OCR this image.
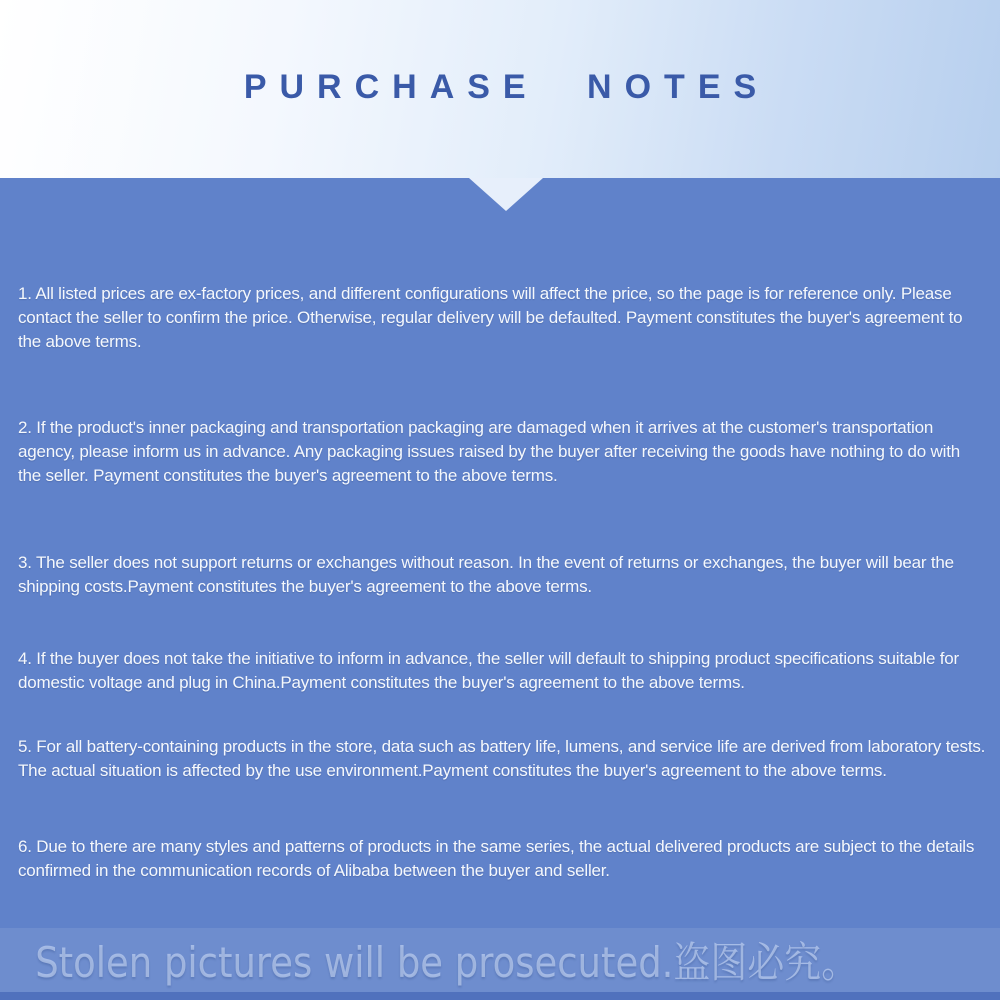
PURCHASE NOTES

1. All listed prices are ex-factory prices, and different configurations will affect the price, so the page is for reference only. Please contact the seller to confirm the price. Otherwise, regular delivery will be defaulted. Payment constitutes the buyer's agreement to the above terms.

2. If the product's inner packaging and transportation packaging are damaged when it arrives at the customer's transportation agency, please inform us in advance. Any packaging issues raised by the buyer after receiving the goods have nothing to do with the seller. Payment constitutes the buyer's agreement to the above terms.

3. The seller does not support returns or exchanges without reason. In the event of returns or exchanges, the buyer will bear the shipping costs.Payment constitutes the buyer's agreement to the above terms.

4. If the buyer does not take the initiative to inform in advance, the seller will default to shipping product specifications suitable for domestic voltage and plug in China.Payment constitutes the buyer's agreement to the above terms.

5. For all battery-containing products in the store, data such as battery life, lumens, and service life are derived from laboratory tests. The actual situation is affected by the use environment.Payment constitutes the buyer's agreement to the above terms.

6. Due to there are many styles and patterns of products in the same series, the actual delivered products are subject to the details confirmed in the communication records of Alibaba between the buyer and seller.

Stolen pictures will be prosecuted.盗图必究。
